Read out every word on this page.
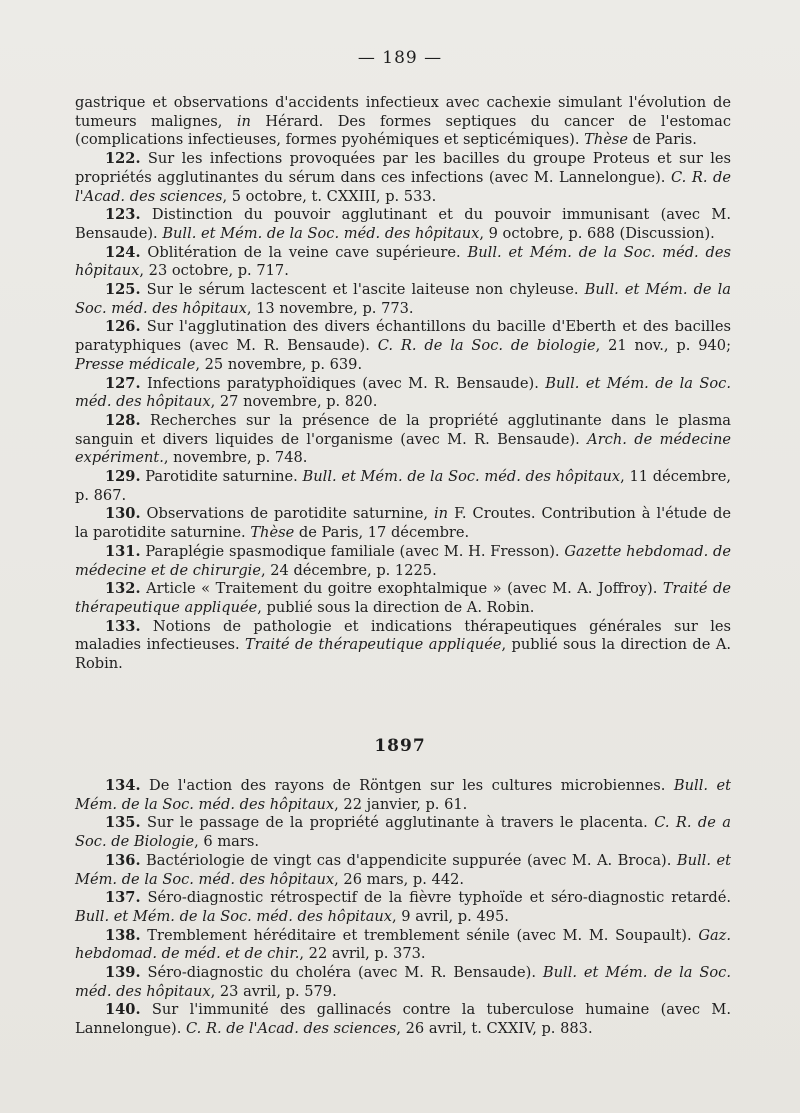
— 189 —

gastrique et observations d'accidents infectieux avec cachexie simulant l'évolution de tumeurs malignes, in Hérard. Des formes septiques du cancer de l'estomac (complications infectieuses, formes pyohémiques et septicémiques). Thèse de Paris.

122. Sur les infections provoquées par les bacilles du groupe Proteus et sur les propriétés agglutinantes du sérum dans ces infections (avec M. Lannelongue). C. R. de l'Acad. des sciences, 5 octobre, t. CXXIII, p. 533.

123. Distinction du pouvoir agglutinant et du pouvoir immunisant (avec M. Bensaude). Bull. et Mém. de la Soc. méd. des hôpitaux, 9 octobre, p. 688 (Discussion).

124. Oblitération de la veine cave supérieure. Bull. et Mém. de la Soc. méd. des hôpitaux, 23 octobre, p. 717.

125. Sur le sérum lactescent et l'ascite laiteuse non chyleuse. Bull. et Mém. de la Soc. méd. des hôpitaux, 13 novembre, p. 773.

126. Sur l'agglutination des divers échantillons du bacille d'Eberth et des bacilles paratyphiques (avec M. R. Bensaude). C. R. de la Soc. de biologie, 21 nov., p. 940; Presse médicale, 25 novembre, p. 639.

127. Infections paratyphoïdiques (avec M. R. Bensaude). Bull. et Mém. de la Soc. méd. des hôpitaux, 27 novembre, p. 820.

128. Recherches sur la présence de la propriété agglutinante dans le plasma sanguin et divers liquides de l'organisme (avec M. R. Bensaude). Arch. de médecine expériment., novembre, p. 748.

129. Parotidite saturnine. Bull. et Mém. de la Soc. méd. des hôpitaux, 11 décembre, p. 867.

130. Observations de parotidite saturnine, in F. Croutes. Contribution à l'étude de la parotidite saturnine. Thèse de Paris, 17 décembre.

131. Paraplégie spasmodique familiale (avec M. H. Fresson). Gazette hebdomad. de médecine et de chirurgie, 24 décembre, p. 1225.

132. Article « Traitement du goitre exophtalmique » (avec M. A. Joffroy). Traité de thérapeutique appliquée, publié sous la direction de A. Robin.

133. Notions de pathologie et indications thérapeutiques générales sur les maladies infectieuses. Traité de thérapeutique appliquée, publié sous la direction de A. Robin.

1897

134. De l'action des rayons de Röntgen sur les cultures microbiennes. Bull. et Mém. de la Soc. méd. des hôpitaux, 22 janvier, p. 61.

135. Sur le passage de la propriété agglutinante à travers le placenta. C. R. de a Soc. de Biologie, 6 mars.

136. Bactériologie de vingt cas d'appendicite suppurée (avec M. A. Broca). Bull. et Mém. de la Soc. méd. des hôpitaux, 26 mars, p. 442.

137. Séro-diagnostic rétrospectif de la fièvre typhoïde et séro-diagnostic retardé. Bull. et Mém. de la Soc. méd. des hôpitaux, 9 avril, p. 495.

138. Tremblement héréditaire et tremblement sénile (avec M. M. Soupault). Gaz. hebdomad. de méd. et de chir., 22 avril, p. 373.

139. Séro-diagnostic du choléra (avec M. R. Bensaude). Bull. et Mém. de la Soc. méd. des hôpitaux, 23 avril, p. 579.

140. Sur l'immunité des gallinacés contre la tuberculose humaine (avec M. Lannelongue). C. R. de l'Acad. des sciences, 26 avril, t. CXXIV, p. 883.
